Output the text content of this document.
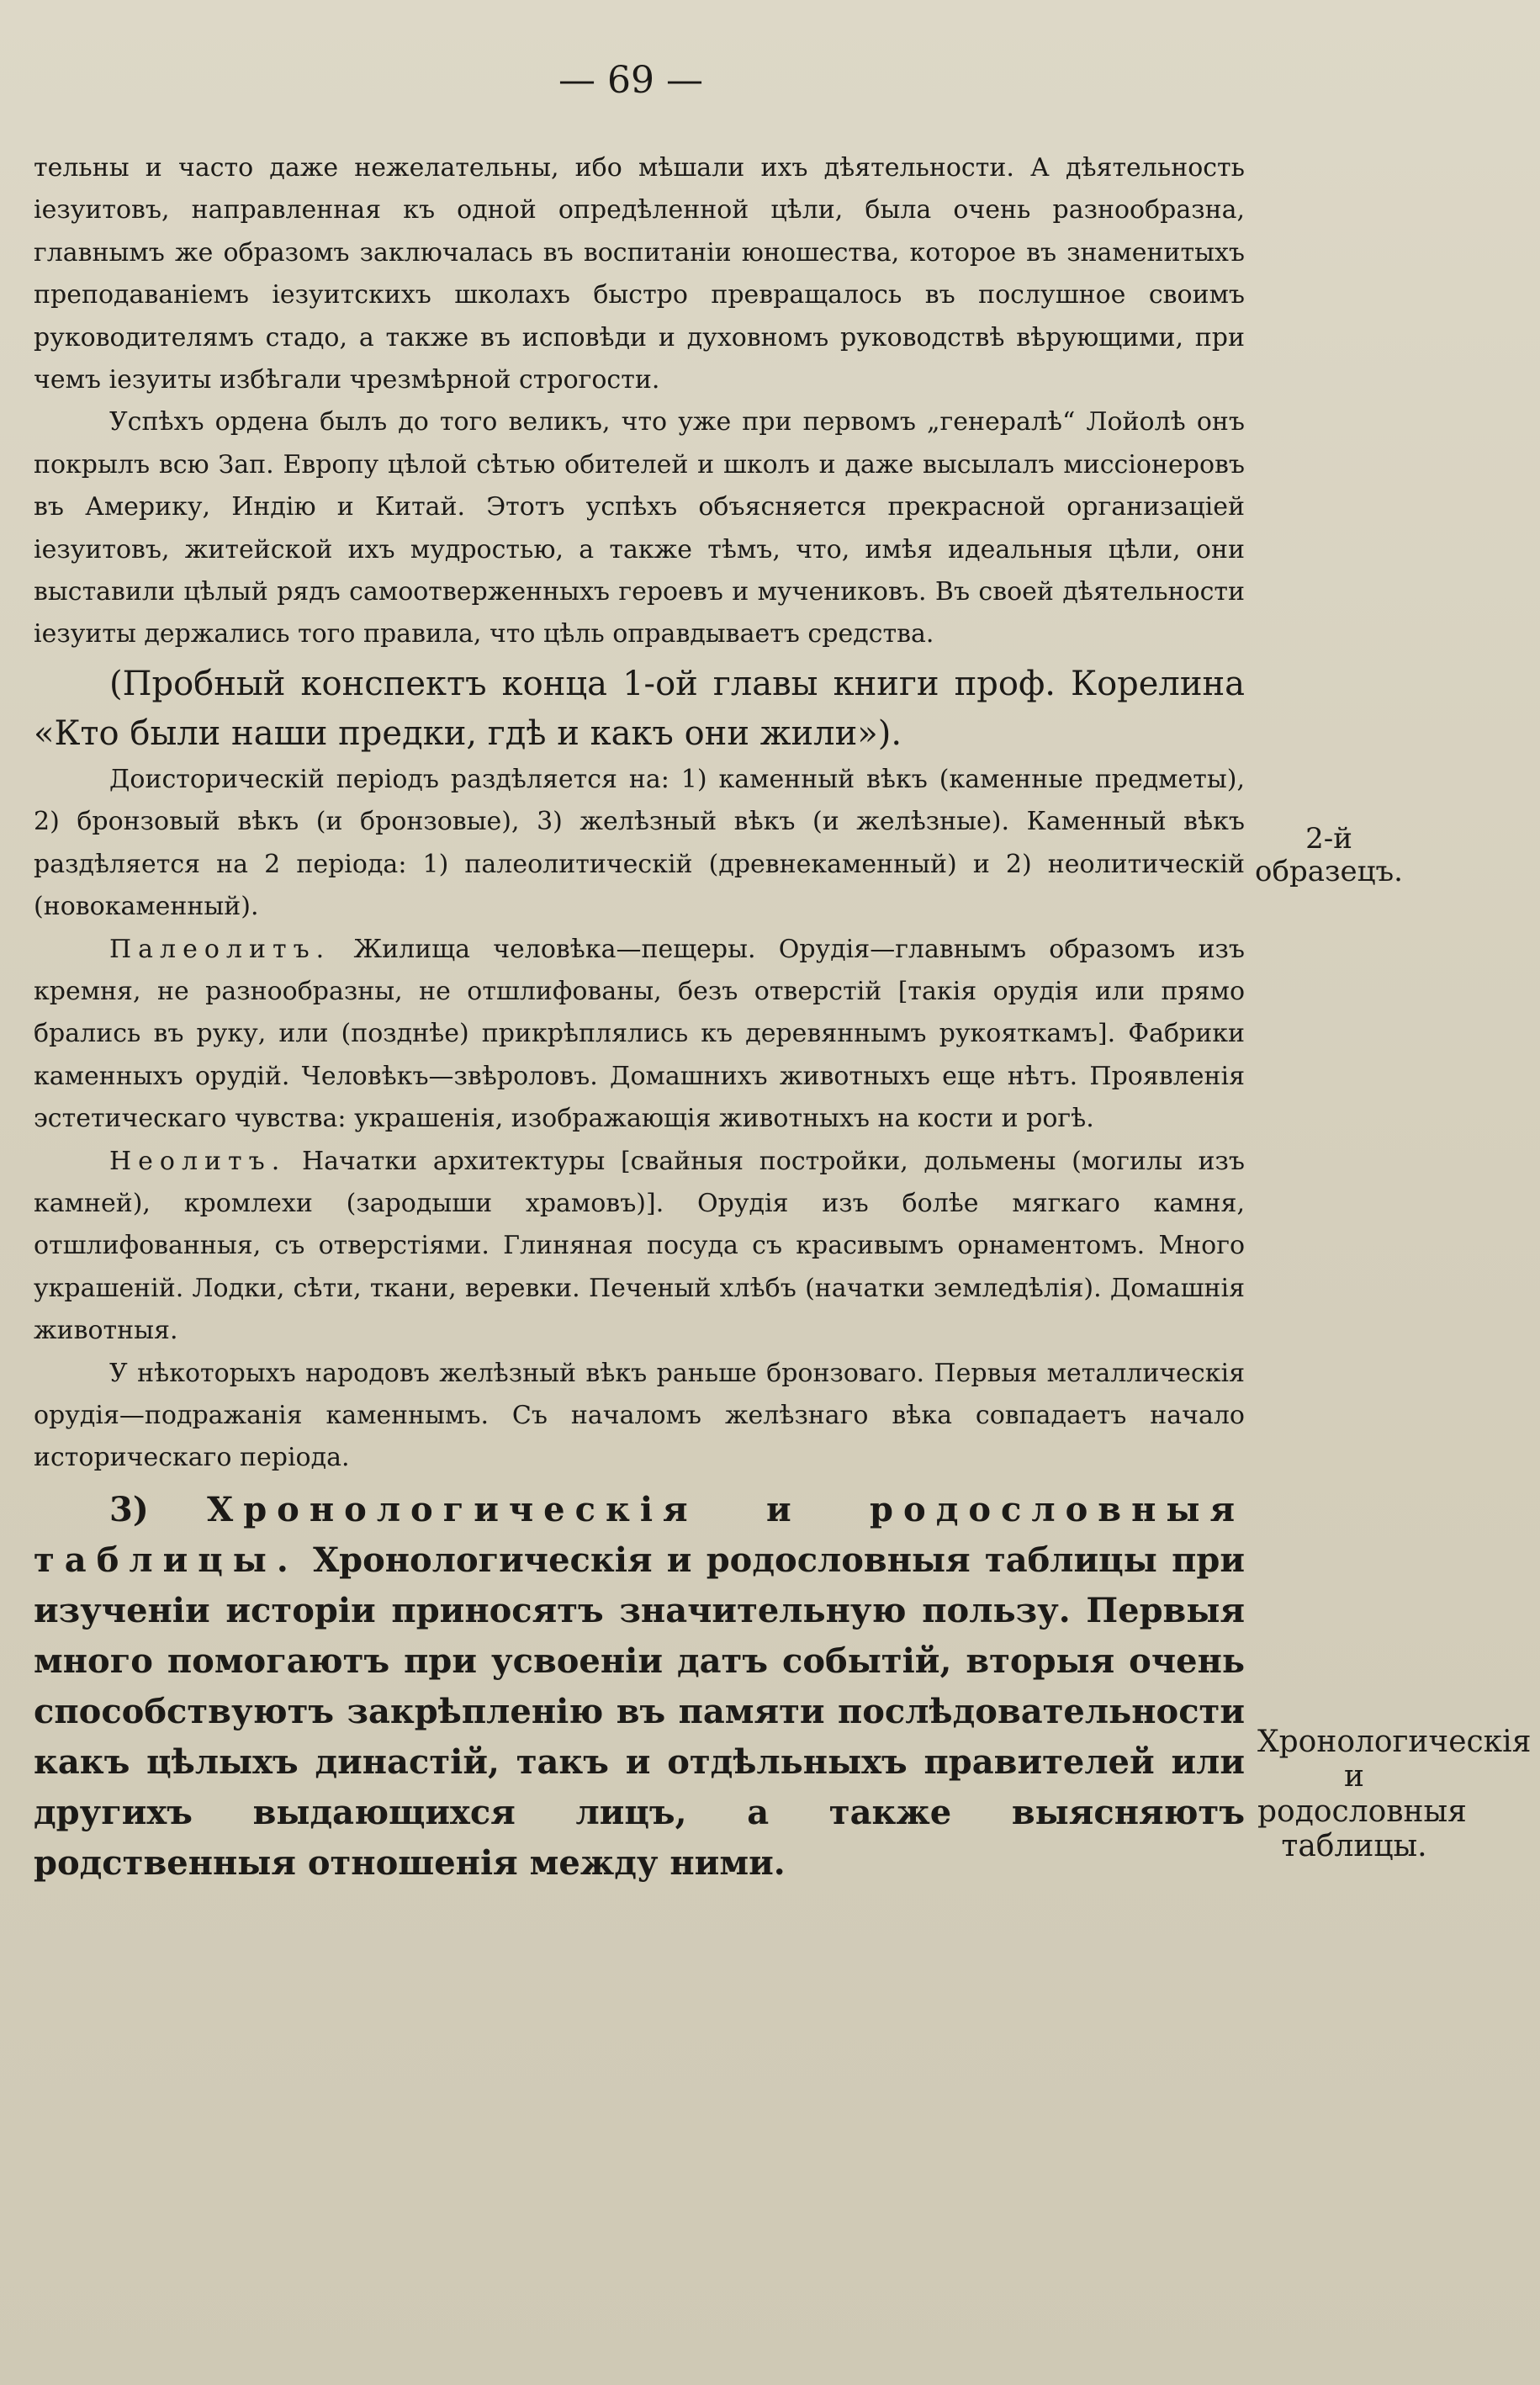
— 69 —

тельны и часто даже нежелательны, ибо мѣшали ихъ дѣятельности. А дѣятельность іезуитовъ, направленная къ одной опредѣленной цѣли, была очень разнообразна, главнымъ же образомъ заключалась въ воспитаніи юношества, которое въ знаменитыхъ преподаваніемъ іезуитскихъ школахъ быстро превращалось въ послушное своимъ руководителямъ стадо, а также въ исповѣди и духовномъ руководствѣ вѣрующими, при чемъ іезуиты избѣгали чрезмѣрной строгости.

Успѣхъ ордена былъ до того великъ, что уже при первомъ „генералѣ“ Лойолѣ онъ покрылъ всю Зап. Европу цѣлой сѣтью обителей и школъ и даже высылалъ миссіонеровъ въ Америку, Индію и Китай. Этотъ успѣхъ объясняется прекрасной организаціей іезуитовъ, житейской ихъ мудростью, а также тѣмъ, что, имѣя идеальныя цѣли, они выставили цѣлый рядъ самоотверженныхъ героевъ и мучениковъ. Въ своей дѣятельности іезуиты держались того правила, что цѣль оправдываетъ средства.

(Пробный конспектъ конца 1-ой главы книги проф. Корелина «Кто были наши предки, гдѣ и какъ они жили»).

Доисторическій періодъ раздѣляется на: 1) каменный вѣкъ (каменные предметы), 2) бронзовый вѣкъ (и бронзовые), 3) желѣзный вѣкъ (и желѣзные). Каменный вѣкъ раздѣляется на 2 періода: 1) палеолитическій (древнекаменный) и 2) неолитическій (новокаменный).

Палеолитъ. Жилища человѣка—пещеры. Орудія—главнымъ образомъ изъ кремня, не разнообразны, не отшлифованы, безъ отверстій [такія орудія или прямо брались въ руку, или (позднѣе) прикрѣплялись къ деревяннымъ рукояткамъ]. Фабрики каменныхъ орудій. Человѣкъ—звѣроловъ. Домашнихъ животныхъ еще нѣтъ. Проявленія эстетическаго чувства: украшенія, изображающія животныхъ на кости и рогѣ.

Неолитъ. Начатки архитектуры [свайныя постройки, дольмены (могилы изъ камней), кромлехи (зародыши храмовъ)]. Орудія изъ болѣе мягкаго камня, отшлифованныя, съ отверстіями. Глиняная посуда съ красивымъ орнаментомъ. Много украшеній. Лодки, сѣти, ткани, веревки. Печеный хлѣбъ (начатки земледѣлія). Домашнія животныя.

У нѣкоторыхъ народовъ желѣзный вѣкъ раньше бронзоваго. Первыя металлическія орудія—подражанія каменнымъ. Съ началомъ желѣзнаго вѣка совпадаетъ начало историческаго періода.

3) Хронологическія и родословныя таблицы. Хронологическія и родословныя таблицы при изученіи исторіи приносятъ значительную пользу. Первыя много помогаютъ при усвоеніи датъ событій, вторыя очень способствуютъ закрѣпленію въ памяти послѣдовательности какъ цѣлыхъ династій, такъ и отдѣльныхъ правителей или другихъ выдающихся лицъ, а также выясняютъ родственныя отношенія между ними.

2-й образецъ.
Хронологическія и родословныя таблицы.
